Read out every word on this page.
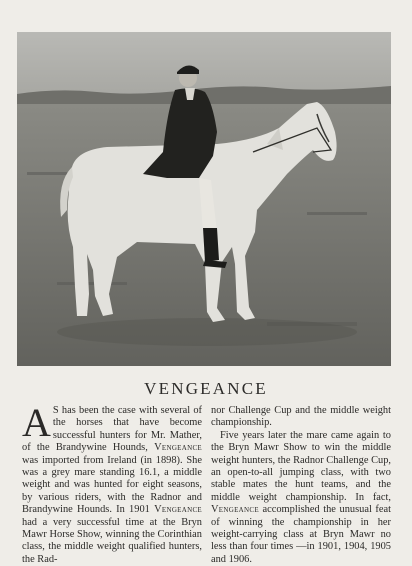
VENGEANCE

A S has been the case with several of the horses that have become successful hunters for Mr. Mather, of the Brandywine Hounds, Vengeance was imported from Ireland (in 1898). She was a grey mare standing 16.1, a middle weight and was hunted for eight seasons, by various riders, with the Radnor and Brandywine Hounds. In 1901 Vengeance had a very successful time at the Bryn Mawr Horse Show, winning the Corinthian class, the middle weight qualified hunters, the Rad-

nor Challenge Cup and the middle weight championship.

Five years later the mare came again to the Bryn Mawr Show to win the middle weight hunters, the Radnor Challenge Cup, an open-to-all jumping class, with two stable mates the hunt teams, and the middle weight championship. In fact, Vengeance accomplished the unusual feat of winning the championship in her weight-carrying class at Bryn Mawr no less than four times —in 1901, 1904, 1905 and 1906.
